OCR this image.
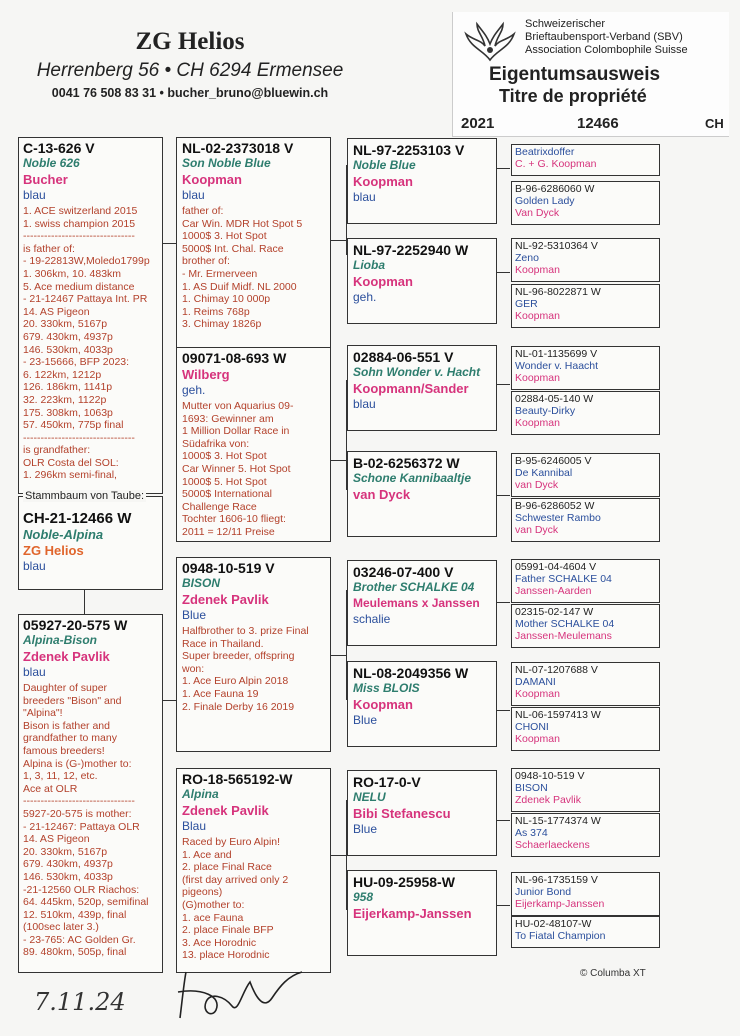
ZG Helios
Herrenberg 56 • CH 6294 Ermensee
0041 76 508 83 31 • bucher_bruno@bluewin.ch
Schweizerischer
Brieftaubensport-Verband (SBV)
Association Colombophile Suisse
Eigentumsausweis
Titre de propriété
2021	12466	CH
C-13-626 V
Noble 626
Bucher
blau
1. ACE switzerland 2015
1. swiss champion 2015
--------------------------------
is father of:
- 19-22813W,Moledo1799p
1. 306km, 10. 483km
5. Ace medium distance
- 21-12467 Pattaya Int. PR
14. AS Pigeon
20. 330km, 5167p
679. 430km, 4937p
146. 530km, 4033p
- 23-15666, BFP 2023:
6. 122km, 1212p
126. 186km, 1141p
32. 223km, 1122p
175. 308km, 1063p
57. 450km, 775p final
--------------------------------
is grandfather:
OLR Costa del SOL:
1. 296km semi-final,
Stammbaum von Taube:
CH-21-12466 W
Noble-Alpina
ZG Helios
blau
05927-20-575 W
Alpina-Bison
Zdenek Pavlik
blau
Daughter of super
breeders "Bison" and
"Alpina"!
Bison is father and
grandfather to many
famous breeders!
Alpina is (G-)mother to:
1, 3, 11, 12, etc.
Ace at OLR
--------------------------------
5927-20-575 is mother:
- 21-12467: Pattaya OLR
14. AS Pigeon
20. 330km, 5167p
679. 430km, 4937p
146. 530km, 4033p
-21-12560 OLR Riachos:
64. 445km, 520p, semifinal
12. 510km, 439p, final
(100sec later 3.)
- 23-765: AC Golden Gr.
89. 480km, 505p, final
NL-02-2373018 V
Son Noble Blue
Koopman
blau
father of:
Car Win. MDR Hot Spot 5
1000$ 3. Hot Spot
5000$ Int. Chal. Race
brother of:
- Mr. Ermerveen
1. AS Duif Midf. NL 2000
1. Chimay 10 000p
1. Reims 768p
3. Chimay 1826p
09071-08-693 W
Wilberg
geh.
Mutter von Aquarius 09-
1693: Gewinner am
1 Million Dollar Race in
Südafrika von:
1000$ 3. Hot Spot
Car Winner 5. Hot Spot
1000$ 5. Hot Spot
5000$ International
Challenge Race
Tochter 1606-10 fliegt:
2011 = 12/11 Preise
0948-10-519 V
BISON
Zdenek Pavlik
Blue
Halfbrother to 3. prize Final
Race in Thailand.
Super breeder, offspring
won:
1. Ace Euro Alpin 2018
1. Ace Fauna 19
2. Finale Derby 16 2019
RO-18-565192-W
Alpina
Zdenek Pavlik
Blau
Raced by Euro Alpin!
1. Ace and
2. place Final Race
(first day arrived only 2
pigeons)
(G)mother to:
1. ace Fauna
2. place Finale BFP
3. Ace Horodnic
13. place Horodnic
NL-97-2253103 V
Noble Blue
Koopman
blau
NL-97-2252940 W
Lioba
Koopman
geh.
02884-06-551 V
Sohn Wonder v. Hacht
Koopmann/Sander
blau
B-02-6256372 W
Schone Kannibaaltje
van Dyck
03246-07-400 V
Brother SCHALKE 04
Meulemans x Janssen
schalie
NL-08-2049356 W
Miss BLOIS
Koopman
Blue
RO-17-0-V
NELU
Bibi Stefanescu
Blue
HU-09-25958-W
958
Eijerkamp-Janssen
Beatrixdoffer
C. + G. Koopman
B-96-6286060 W
Golden Lady
Van Dyck
NL-92-5310364 V
Zeno
Koopman
NL-96-8022871 W
GER
Koopman
NL-01-1135699 V
Wonder v. Haacht
Koopman
02884-05-140 W
Beauty-Dirky
Koopman
B-95-6246005 V
De Kannibal
van Dyck
B-96-6286052 W
Schwester Rambo
van Dyck
05991-04-4604 V
Father SCHALKE 04
Janssen-Aarden
02315-02-147 W
Mother SCHALKE 04
Janssen-Meulemans
NL-07-1207688 V
DAMANI
Koopman
NL-06-1597413 W
CHONI
Koopman
0948-10-519 V
BISON
Zdenek Pavlik
NL-15-1774374 W
As 374
Schaerlaeckens
NL-96-1735159 V
Junior Bond
Eijerkamp-Janssen
HU-02-48107-W
To Fiatal Champion
7.11.24
© Columba XT
